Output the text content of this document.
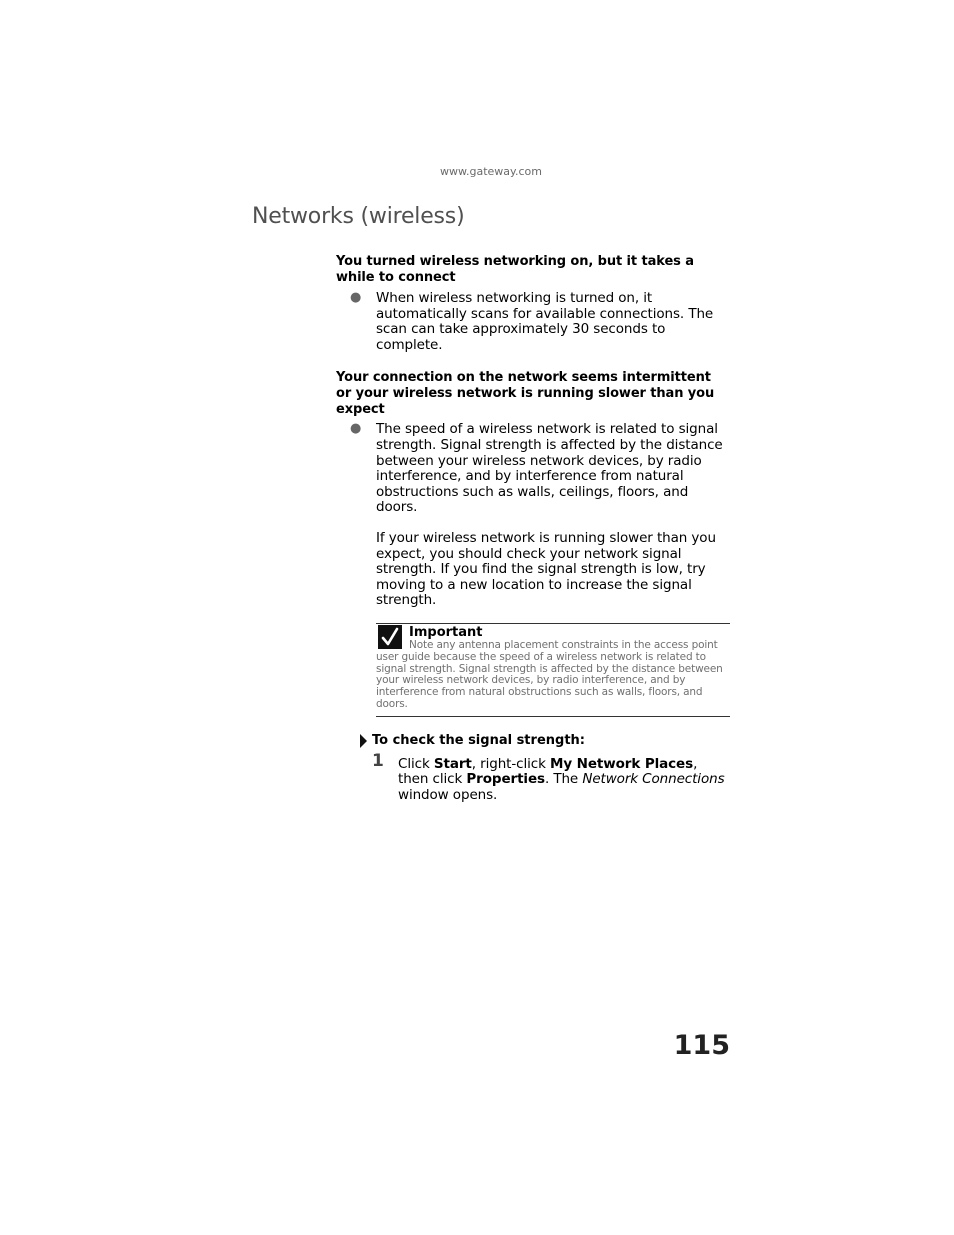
www.gateway.com
Networks (wireless)

You turned wireless networking on, but it takes a while to connect

● When wireless networking is turned on, it automatically scans for available connections. The scan can take approximately 30 seconds to complete.

Your connection on the network seems intermittent or your wireless network is running slower than you expect

● The speed of a wireless network is related to signal strength. Signal strength is affected by the distance between your wireless network devices, by radio interference, and by interference from natural obstructions such as walls, ceilings, floors, and doors.

If your wireless network is running slower than you expect, you should check your network signal strength. If you find the signal strength is low, try moving to a new location to increase the signal strength.

Important
Note any antenna placement constraints in the access point user guide because the speed of a wireless network is related to signal strength. Signal strength is affected by the distance between your wireless network devices, by radio interference, and by interference from natural obstructions such as walls, floors, and doors.
To check the signal strength:
1 Click Start, right-click My Network Places, then click Properties. The Network Connections window opens.
115
